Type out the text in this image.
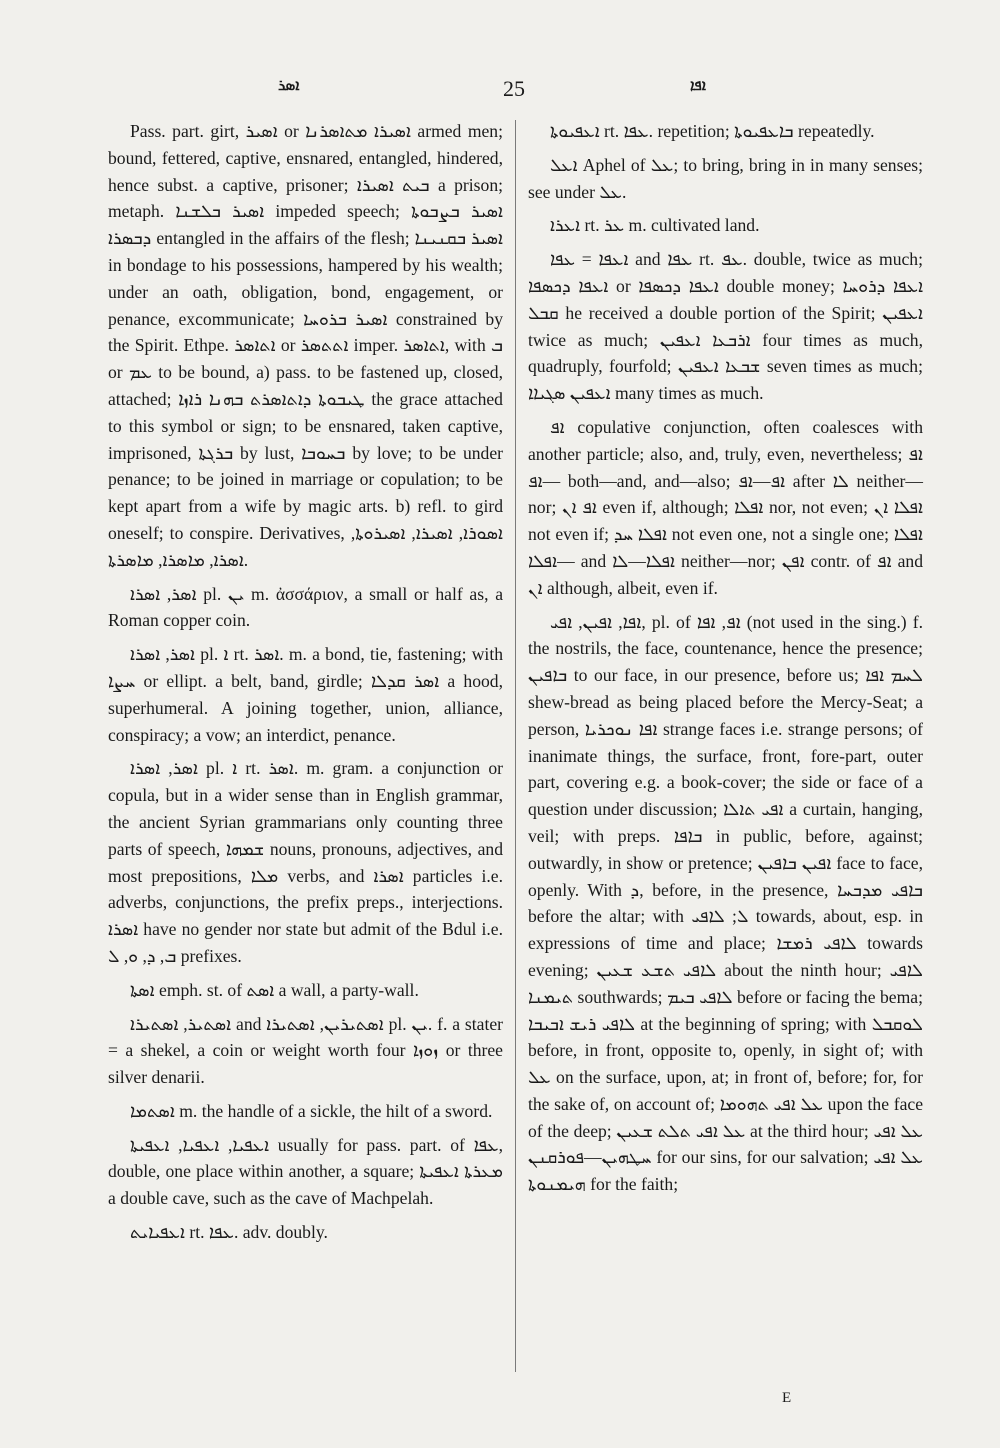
ܐܣܪ	25	ܐܦܐ

Pass. part. girt, ܐܣܝܪ or ܐܣܝܪܐ ܡܬܐܣܪܢܐ armed men; bound, fettered, captive, ensnared, entangled, hindered, hence subst. a captive, prisoner; ܒܝܬ ܐܣܝܪܐ a prison; metaph. ܐܣܝܪ ܒܠܫܢܐ impeded speech; ܐܣܝܪ ܒܨܒܘܬܐ ܕܒܣܪܐ entangled in the affairs of the flesh; ܐܣܝܪ ܒܩܢܝܢܐ in bondage to his possessions, hampered by his wealth; under an oath, obligation, bond, engagement, or penance, excommunicate; ܐܣܝܪ ܒܪܘܚܐ constrained by the Spirit. Ethpe. ܐܬܐܣܪ or ܐܬܬܣܪ imper. ܐܬܐܣܪ, with ܒ or ܥܡ to be bound, a) pass. to be fastened up, closed, attached; ܛܝܒܘܬܐ ܕܐܬܐܣܪܬ ܒܗܢܐ ܪܐܙܐ the grace attached to this symbol or sign; to be ensnared, taken captive, imprisoned, ܒܪܓܬܐ by lust, ܒܚܘܒܐ by love; to be under penance; to be joined in marriage or copulation; to be kept apart from a wife by magic arts. b) refl. to gird oneself; to conspire. Derivatives, ܐܣܘܪܐ, ܐܣܝܪܐ, ܐܣܝܪܘܬܐ, ܐܣܪܐ, ܡܐܣܪܐ, ܡܐܣܪܬܐ.

ܐܣܪ, ܐܣܪܐ pl. ܝܢ m. ἀσσάριον, a small or half as, a Roman copper coin.

ܐܣܪ, ܐܣܪܐ pl. ܐ rt. ܐܣܪ. m. a bond, tie, fastening; with ܚܨܐ or ellipt. a belt, band, girdle; ܐܣܪ ܩܕܠܐ a hood, superhumeral. A joining together, union, alliance, conspiracy; a vow; an interdict, penance.

ܐܣܪ, ܐܣܪܐ pl. ܐ rt. ܐܣܪ. m. gram. a conjunction or copula, but in a wider sense than in English grammar, the ancient Syrian grammarians only counting three parts of speech, ܫܡܗܐ nouns, pronouns, adjectives, and most prepositions, ܡܠܐ verbs, and ܐܣܪܐ particles i.e. adverbs, conjunctions, the prefix preps., interjections. ܐܣܪܐ have no gender nor state but admit of the Bdul i.e. ܒ, ܕ, ܘ, ܠ prefixes.

ܐܣܬܐ emph. st. of ܐܣܬ a wall, a party-wall.

ܐܣܬܝܪ, ܐܣܬܝܪܐ and ܐܣܬܝܪܝܢ, ܐܣܬܝܪܐ pl. ܝܢ. f. a stater = a shekel, a coin or weight worth four ܙܘܙܐ or three silver denarii.

ܐܣܬܡܐ m. the handle of a sickle, the hilt of a sword.

ܐܥܦܝܐ, ܐܥܦܝܐ, ܐܥܦܝܬܐ usually for pass. part. of ܥܦܐ, double, one place within another, a square; ܡܥܪܬܐ ܐܥܦܝܬܐ a double cave, such as the cave of Machpelah.

ܐܥܦܝܐܝܬ rt. ܥܦܐ. adv. doubly.

ܐܥܦܝܘܬܐ rt. ܥܦܐ. repetition; ܒܐܥܦܝܘܬܐ repeatedly.

ܐܥܠ Aphel of ܥܠ; to bring, bring in in many senses; see under ܥܠ.

ܐܥܪܐ rt. ܥܪ m. cultivated land.

ܐܥܦܐ = ܥܦܐ and ܥܦܐ rt. ܥܦ. double, twice as much; ܐܥܦܐ ܕܟܣܦܐ or ܐܥܦܐ ܕܟܣܦܐ double money; ܐܥܦܐ ܕܪܘܚܐ ܩܒܠ he received a double portion of the Spirit; ܐܥܦܝܢ twice as much; ܐܪܒܥܐ ܐܥܦܝܢ four times as much, quadruply, fourfold; ܫܒܥܐ ܐܥܦܝܢ seven times as much; ܐܥܦܝܢ ܣܓܝܐܐ many times as much.

ܐܦ copulative conjunction, often coalesces with another particle; also, and, truly, even, nevertheless; ܐܦ—ܐܦ both—and, and—also; ܐܦ—ܐܦ after ܠܐ neither—nor; ܐܦ ܐܢ even if, although; ܐܦܠܐ nor, not even; ܐܦܠܐ ܐܢ not even if; ܐܦܠܐ ܚܕ not even one, not a single one; ܐܦܠܐ—ܐܦܠܐ and ܐܦܠܐ—ܠܐ neither—nor; ܐܦܢ contr. of ܐܦ and ܐܢ although, albeit, even if.

ܐܦܐ, ܐܦܝܢ, ܐܦܝ, pl. of ܐܦ, ܐܦܐ (not used in the sing.) f. the nostrils, the face, countenance, hence the presence; ܒܐܦܝܢ to our face, in our presence, before us; ܠܚܡ ܐܦܐ shew-bread as being placed before the Mercy-Seat; a person, ܐܦܐ ܢܘܟܪܝܐ strange faces i.e. strange persons; of inanimate things, the surface, front, fore-part, outer part, covering e.g. a book-cover; the side or face of a question under discussion; ܐܦܝ ܬܐܠܐ a curtain, hanging, veil; with preps. ܒܐܦܐ in public, before, against; outwardly, in show or pretence; ܐܦܝܢ ܒܐܦܝܢ face to face, openly. With ܕ, before, in the presence, ܒܐܦܝ ܡܕܒܚܐ before the altar; with ܠ; ܠܐܦܝ towards, about, esp. in expressions of time and place; ܠܐܦܝ ܪܡܫܐ towards evening; ܠܐܦܝ ܬܫܥ ܫܥܝܢ about the ninth hour; ܠܐܦܝ ܬܝܡܢܐ southwards; ܠܐܦܝ ܒܝܡ before or facing the bema; ܠܐܦܝ ܪܝܫ ܐܒܝܒܐ at the beginning of spring; with ܠܘܩܒܠ before, in front, opposite to, openly, in sight of; with ܥܠ on the surface, upon, at; in front of, before; for, for the sake of, on account of; ܥܠ ܐܦܝ ܬܗܘܡܐ upon the face of the deep; ܥܠ ܐܦܝ ܬܠܬ ܫܥܝܢ at the third hour; ܥܠ ܐܦܝ ܚܛܗܝܢ—ܦܘܪܩܢܢ for our sins, for our salvation; ܥܠ ܐܦܝ ܗܝܡܢܘܬܐ for the faith;

E
